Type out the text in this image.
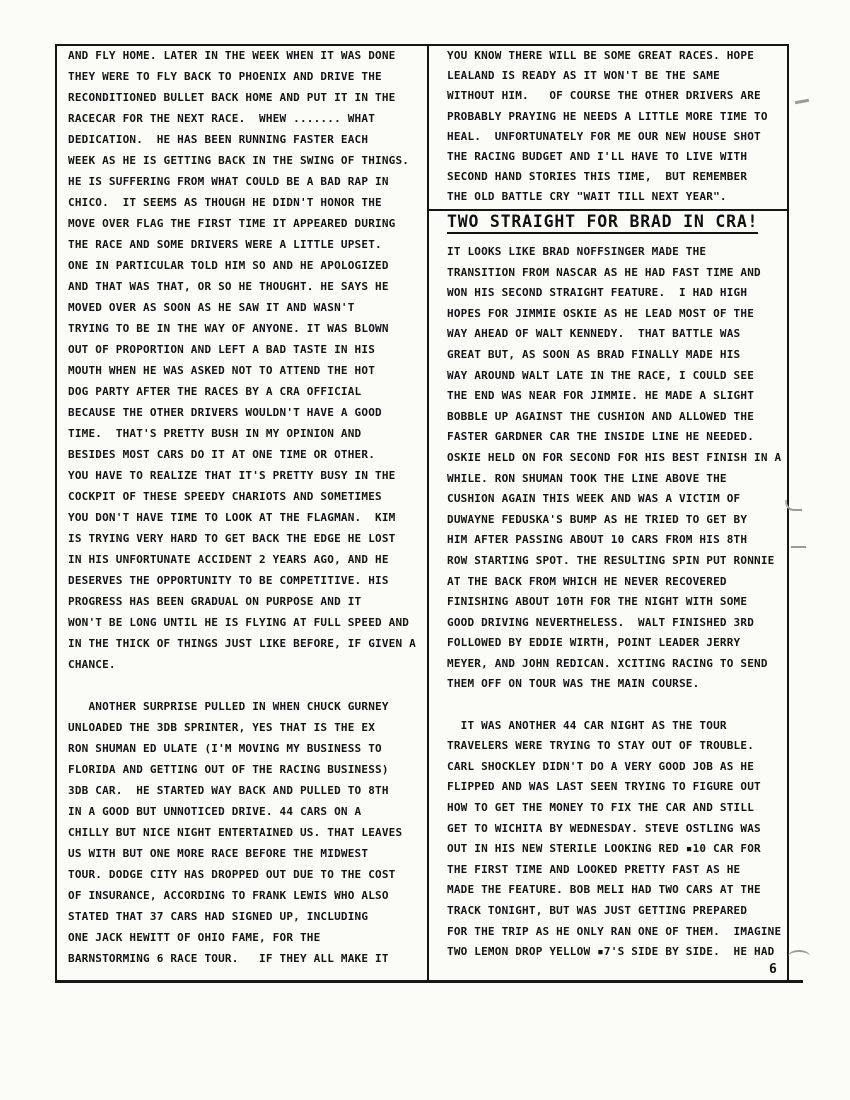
AND FLY HOME. LATER IN THE WEEK WHEN IT WAS DONE
THEY WERE TO FLY BACK TO PHOENIX AND DRIVE THE
RECONDITIONED BULLET BACK HOME AND PUT IT IN THE
RACECAR FOR THE NEXT RACE.  WHEW ....... WHAT
DEDICATION.  HE HAS BEEN RUNNING FASTER EACH
WEEK AS HE IS GETTING BACK IN THE SWING OF THINGS.
HE IS SUFFERING FROM WHAT COULD BE A BAD RAP IN
CHICO.  IT SEEMS AS THOUGH HE DIDN'T HONOR THE
MOVE OVER FLAG THE FIRST TIME IT APPEARED DURING
THE RACE AND SOME DRIVERS WERE A LITTLE UPSET.
ONE IN PARTICULAR TOLD HIM SO AND HE APOLOGIZED
AND THAT WAS THAT, OR SO HE THOUGHT. HE SAYS HE
MOVED OVER AS SOON AS HE SAW IT AND WASN'T
TRYING TO BE IN THE WAY OF ANYONE. IT WAS BLOWN
OUT OF PROPORTION AND LEFT A BAD TASTE IN HIS
MOUTH WHEN HE WAS ASKED NOT TO ATTEND THE HOT
DOG PARTY AFTER THE RACES BY A CRA OFFICIAL
BECAUSE THE OTHER DRIVERS WOULDN'T HAVE A GOOD
TIME.  THAT'S PRETTY BUSH IN MY OPINION AND
BESIDES MOST CARS DO IT AT ONE TIME OR OTHER.
YOU HAVE TO REALIZE THAT IT'S PRETTY BUSY IN THE
COCKPIT OF THESE SPEEDY CHARIOTS AND SOMETIMES
YOU DON'T HAVE TIME TO LOOK AT THE FLAGMAN.  KIM
IS TRYING VERY HARD TO GET BACK THE EDGE HE LOST
IN HIS UNFORTUNATE ACCIDENT 2 YEARS AGO, AND HE
DESERVES THE OPPORTUNITY TO BE COMPETITIVE. HIS
PROGRESS HAS BEEN GRADUAL ON PURPOSE AND IT
WON'T BE LONG UNTIL HE IS FLYING AT FULL SPEED AND
IN THE THICK OF THINGS JUST LIKE BEFORE, IF GIVEN A
CHANCE.
ANOTHER SURPRISE PULLED IN WHEN CHUCK GURNEY
UNLOADED THE 3DB SPRINTER, YES THAT IS THE EX
RON SHUMAN ED ULATE (I'M MOVING MY BUSINESS TO
FLORIDA AND GETTING OUT OF THE RACING BUSINESS)
3DB CAR.  HE STARTED WAY BACK AND PULLED TO 8TH
IN A GOOD BUT UNNOTICED DRIVE. 44 CARS ON A
CHILLY BUT NICE NIGHT ENTERTAINED US. THAT LEAVES
US WITH BUT ONE MORE RACE BEFORE THE MIDWEST
TOUR. DODGE CITY HAS DROPPED OUT DUE TO THE COST
OF INSURANCE, ACCORDING TO FRANK LEWIS WHO ALSO
STATED THAT 37 CARS HAD SIGNED UP, INCLUDING
ONE JACK HEWITT OF OHIO FAME, FOR THE
BARNSTORMING 6 RACE TOUR.   IF THEY ALL MAKE IT
YOU KNOW THERE WILL BE SOME GREAT RACES. HOPE
LEALAND IS READY AS IT WON'T BE THE SAME
WITHOUT HIM.   OF COURSE THE OTHER DRIVERS ARE
PROBABLY PRAYING HE NEEDS A LITTLE MORE TIME TO
HEAL.  UNFORTUNATELY FOR ME OUR NEW HOUSE SHOT
THE RACING BUDGET AND I'LL HAVE TO LIVE WITH
SECOND HAND STORIES THIS TIME,  BUT REMEMBER
THE OLD BATTLE CRY "WAIT TILL NEXT YEAR".
TWO STRAIGHT FOR BRAD IN CRA!
IT LOOKS LIKE BRAD NOFFSINGER MADE THE
TRANSITION FROM NASCAR AS HE HAD FAST TIME AND
WON HIS SECOND STRAIGHT FEATURE.  I HAD HIGH
HOPES FOR JIMMIE OSKIE AS HE LEAD MOST OF THE
WAY AHEAD OF WALT KENNEDY.  THAT BATTLE WAS
GREAT BUT, AS SOON AS BRAD FINALLY MADE HIS
WAY AROUND WALT LATE IN THE RACE, I COULD SEE
THE END WAS NEAR FOR JIMMIE. HE MADE A SLIGHT
BOBBLE UP AGAINST THE CUSHION AND ALLOWED THE
FASTER GARDNER CAR THE INSIDE LINE HE NEEDED.
OSKIE HELD ON FOR SECOND FOR HIS BEST FINISH IN A
WHILE. RON SHUMAN TOOK THE LINE ABOVE THE
CUSHION AGAIN THIS WEEK AND WAS A VICTIM OF
DUWAYNE FEDUSKA'S BUMP AS HE TRIED TO GET BY
HIM AFTER PASSING ABOUT 10 CARS FROM HIS 8TH
ROW STARTING SPOT. THE RESULTING SPIN PUT RONNIE
AT THE BACK FROM WHICH HE NEVER RECOVERED
FINISHING ABOUT 10TH FOR THE NIGHT WITH SOME
GOOD DRIVING NEVERTHELESS.  WALT FINISHED 3RD
FOLLOWED BY EDDIE WIRTH, POINT LEADER JERRY
MEYER, AND JOHN REDICAN. XCITING RACING TO SEND
THEM OFF ON TOUR WAS THE MAIN COURSE.
IT WAS ANOTHER 44 CAR NIGHT AS THE TOUR
TRAVELERS WERE TRYING TO STAY OUT OF TROUBLE.
CARL SHOCKLEY DIDN'T DO A VERY GOOD JOB AS HE
FLIPPED AND WAS LAST SEEN TRYING TO FIGURE OUT
HOW TO GET THE MONEY TO FIX THE CAR AND STILL
GET TO WICHITA BY WEDNESDAY. STEVE OSTLING WAS
OUT IN HIS NEW STERILE LOOKING RED ▪10 CAR FOR
THE FIRST TIME AND LOOKED PRETTY FAST AS HE
MADE THE FEATURE. BOB MELI HAD TWO CARS AT THE
TRACK TONIGHT, BUT WAS JUST GETTING PREPARED
FOR THE TRIP AS HE ONLY RAN ONE OF THEM.  IMAGINE
TWO LEMON DROP YELLOW ▪7'S SIDE BY SIDE.  HE HAD
6
